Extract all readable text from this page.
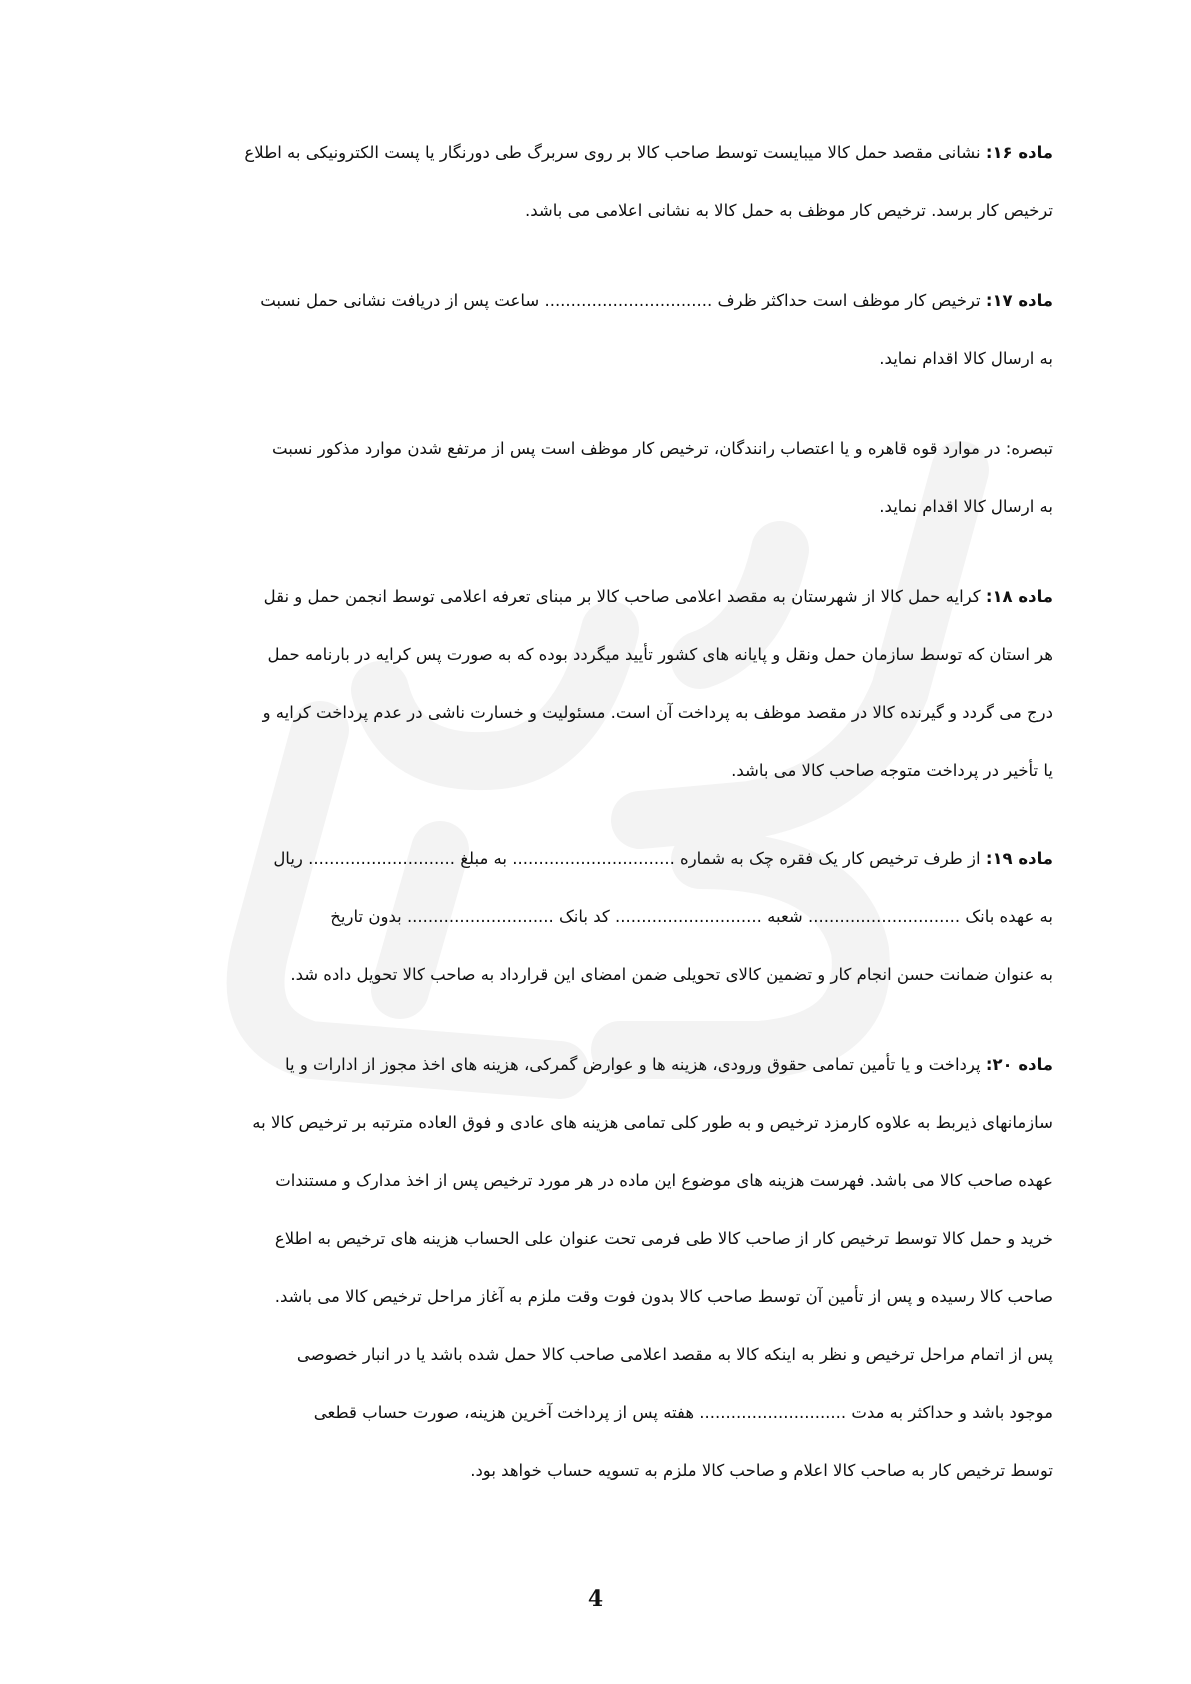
ماده ۱۶: نشانی مقصد حمل کالا میبایست توسط صاحب کالا بر روی سربرگ طی دورنگار یا پست الکترونیکی به اطلاع
ترخیص کار برسد. ترخیص کار موظف به حمل کالا به نشانی اعلامی می باشد.
ماده ۱۷: ترخیص کار موظف است حداکثر ظرف ................................ ساعت پس از دریافت نشانی حمل نسبت
به ارسال کالا اقدام نماید.
تبصره: در موارد قوه قاهره و یا اعتصاب رانندگان، ترخیص کار موظف است پس از مرتفع شدن موارد مذکور نسبت
به ارسال کالا اقدام نماید.
ماده ۱۸: کرایه حمل کالا از شهرستان به مقصد اعلامی صاحب کالا بر مبنای تعرفه اعلامی توسط انجمن حمل و نقل
هر استان که توسط سازمان حمل ونقل و پایانه های کشور تأیید میگردد بوده که به صورت پس کرایه در بارنامه حمل
درج می گردد و گیرنده کالا در مقصد موظف به پرداخت آن است. مسئولیت و خسارت ناشی در عدم پرداخت کرایه و
یا تأخیر در پرداخت متوجه صاحب کالا می باشد.
ماده ۱۹: از طرف ترخیص کار یک فقره چک به شماره ............................... به مبلغ ............................ ریال
به عهده بانک ............................. شعبه ............................ کد بانک ............................ بدون تاریخ
به عنوان ضمانت حسن انجام کار و تضمین کالای تحویلی ضمن امضای این قرارداد به صاحب کالا تحویل داده شد.
ماده ۲۰: پرداخت و یا تأمین تمامی حقوق ورودی، هزینه ها و عوارض گمرکی، هزینه های اخذ مجوز از ادارات و یا
سازمانهای ذیربط به علاوه کارمزد ترخیص و به طور کلی تمامی هزینه های عادی و فوق العاده مترتبه بر ترخیص کالا به
عهده صاحب کالا می باشد. فهرست هزینه های موضوع این ماده در هر مورد ترخیص پس از اخذ مدارک و مستندات
خرید و حمل کالا توسط ترخیص کار از صاحب کالا طی فرمی تحت عنوان علی الحساب هزینه های ترخیص به اطلاع
صاحب کالا رسیده و پس از تأمین آن توسط صاحب کالا بدون فوت وقت ملزم به آغاز مراحل ترخیص کالا می باشد.
پس از اتمام مراحل ترخیص و نظر به اینکه کالا به مقصد اعلامی صاحب کالا حمل شده باشد یا در انبار خصوصی
موجود باشد و حداکثر به مدت ............................ هفته پس از پرداخت آخرین هزینه، صورت حساب قطعی
توسط ترخیص کار به صاحب کالا اعلام و صاحب کالا ملزم به تسویه حساب خواهد بود.
4
